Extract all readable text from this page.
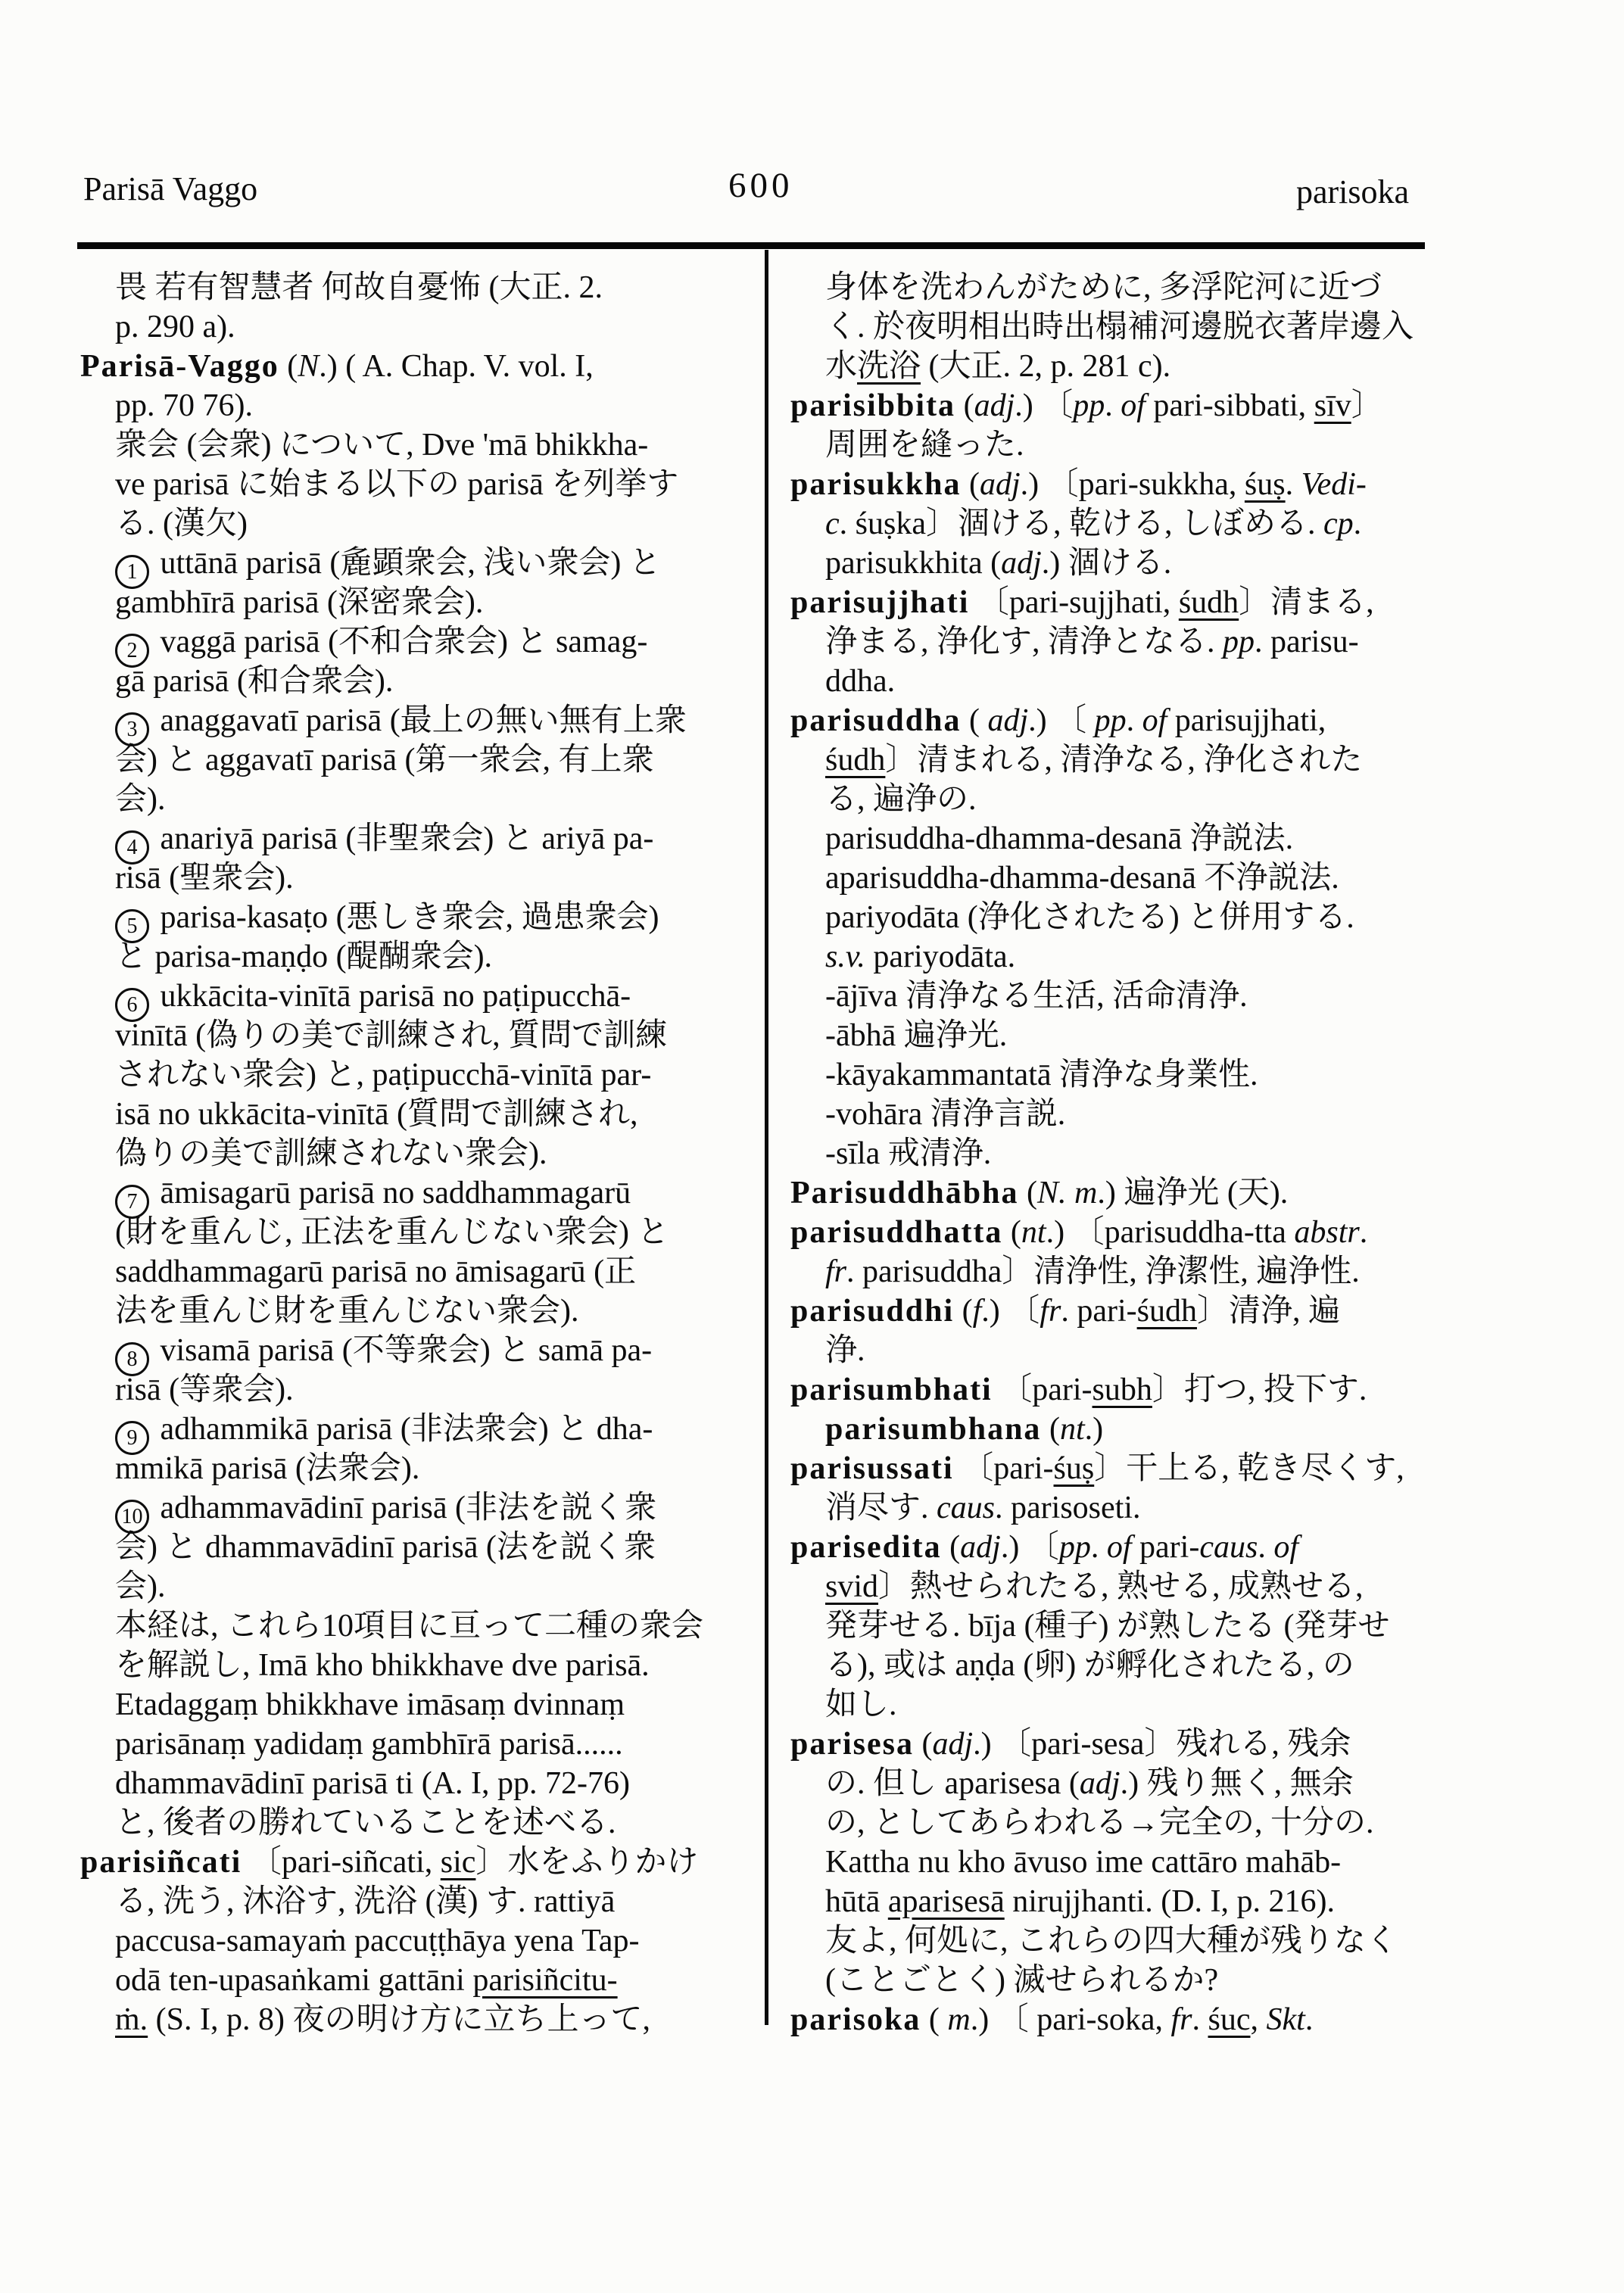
Parisā Vaggo	600	parisoka
畏 若有智慧者 何故自憂怖 (大正. 2.
p. 290 a).
Parisā-Vaggo (N.) ( A. Chap. V. vol. I,
pp. 70 76).
衆会 (会衆) について, Dve 'mā bhikkha-
ve parisā に始まる以下の parisā を列挙す
る. (漢欠)
1 uttānā parisā (麁顕衆会, 浅い衆会) と
gambhīrā parisā (深密衆会).
2 vaggā parisā (不和合衆会) と samag-
gā parisā (和合衆会).
3 anaggavatī parisā (最上の無い無有上衆
会) と aggavatī parisā (第一衆会, 有上衆
会).
4 anariyā parisā (非聖衆会) と ariyā pa-
risā (聖衆会).
5 parisa-kasaṭo (悪しき衆会, 過患衆会)
と parisa-maṇḍo (醍醐衆会).
6 ukkācita-vinītā parisā no paṭipucchā-
vinītā (偽りの美で訓練され, 質問で訓練
されない衆会) と, paṭipucchā-vinītā par-
isā no ukkācita-vinītā (質問で訓練され,
偽りの美で訓練されない衆会).
7 āmisagarū parisā no saddhammagarū
(財を重んじ, 正法を重んじない衆会) と
saddhammagarū parisā no āmisagarū (正
法を重んじ財を重んじない衆会).
8 visamā parisā (不等衆会) と samā pa-
risā (等衆会).
9 adhammikā parisā (非法衆会) と dha-
mmikā parisā (法衆会).
10 adhammavādinī parisā (非法を説く衆
会) と dhammavādinī parisā (法を説く衆
会).
本経は, これら10項目に亘って二種の衆会
を解説し, Imā kho bhikkhave dve parisā.
Etadaggaṃ bhikkhave imāsaṃ dvinnaṃ
parisānaṃ yadidaṃ gambhīrā parisā......
dhammavādinī parisā ti (A. I, pp. 72-76)
と, 後者の勝れていることを述べる.
parisiñcati 〔pari-siñcati, sic〕水をふりかけ
る, 洗う, 沐浴す, 洗浴 (漢) す. rattiyā
paccusa-samayaṁ paccuṭṭhāya yena Tap-
odā ten-upasaṅkami gattāni parisiñcitu-
ṁ. (S. I, p. 8) 夜の明け方に立ち上って,
身体を洗わんがために, 多浮陀河に近づ
く. 於夜明相出時出榻補河邊脱衣著岸邊入
水洗浴 (大正. 2, p. 281 c).
parisibbita (adj.) 〔pp. of pari-sibbati, sīv〕
周囲を縫った.
parisukkha (adj.) 〔pari-sukkha, śuṣ. Vedi-
c. śuṣka〕涸ける, 乾ける, しぼめる. cp.
parisukkhita (adj.) 涸ける.
parisujjhati 〔pari-sujjhati, śudh〕清まる,
浄まる, 浄化す, 清浄となる. pp. parisu-
ddha.
parisuddha ( adj.) 〔 pp. of parisujjhati,
śudh〕清まれる, 清浄なる, 浄化された
る, 遍浄の.
parisuddha-dhamma-desanā 浄説法.
aparisuddha-dhamma-desanā 不浄説法.
pariyodāta (浄化されたる) と併用する.
s.v. pariyodāta.
-ājīva 清浄なる生活, 活命清浄.
-ābhā 遍浄光.
-kāyakammantatā 清浄な身業性.
-vohāra 清浄言説.
-sīla 戒清浄.
Parisuddhābha (N. m.) 遍浄光 (天).
parisuddhatta (nt.) 〔parisuddha-tta abstr.
fr. parisuddha〕清浄性, 浄潔性, 遍浄性.
parisuddhi (f.) 〔fr. pari-śudh〕清浄, 遍
浄.
parisumbhati 〔pari-subh〕打つ, 投下す.
parisumbhana (nt.)
parisussati 〔pari-śuṣ〕干上る, 乾き尽くす,
消尽す. caus. parisoseti.
parisedita (adj.) 〔pp. of pari-caus. of
svid〕熱せられたる, 熟せる, 成熟せる,
発芽せる. bīja (種子) が熟したる (発芽せ
る), 或は aṇḍa (卵) が孵化されたる, の
如し.
parisesa (adj.) 〔pari-sesa〕残れる, 残余
の. 但し aparisesa (adj.) 残り無く, 無余
の, としてあらわれる→完全の, 十分の.
Kattha nu kho āvuso ime cattāro mahāb-
hūtā aparisesā nirujjhanti. (D. I, p. 216).
友よ, 何処に, これらの四大種が残りなく
(ことごとく) 滅せられるか?
parisoka ( m.) 〔 pari-soka, fr. śuc, Skt.
